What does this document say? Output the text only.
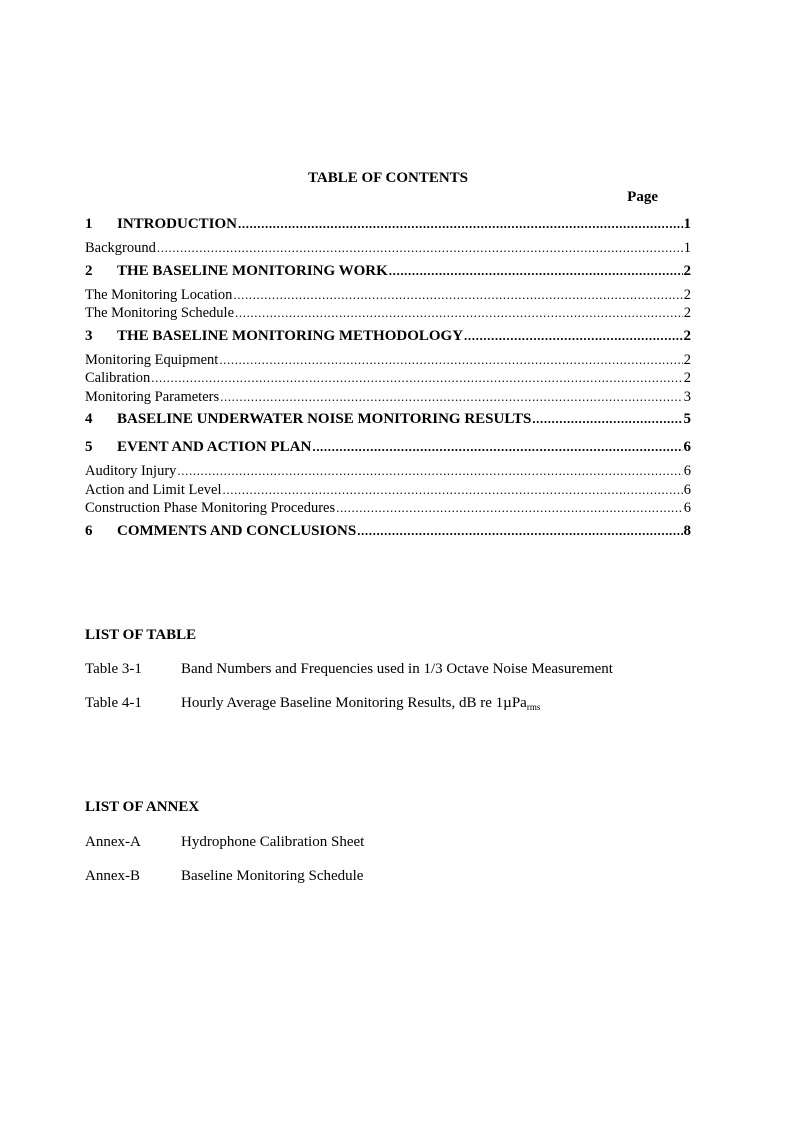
TABLE OF CONTENTS
Page
1	INTRODUCTION .....	1
Background .....	1
2	THE BASELINE MONITORING WORK .....	2
The Monitoring Location .....	2
The Monitoring Schedule .....	2
3	THE BASELINE MONITORING METHODOLOGY .....	2
Monitoring Equipment .....	2
Calibration .....	2
Monitoring Parameters .....	3
4	BASELINE UNDERWATER NOISE MONITORING RESULTS .....	5
5	EVENT AND ACTION PLAN .....	6
Auditory Injury .....	6
Action and Limit Level .....	6
Construction Phase Monitoring Procedures .....	6
6	COMMENTS AND CONCLUSIONS .....	8
LIST OF TABLE
Table 3-1	Band Numbers and Frequencies used in 1/3 Octave Noise Measurement
Table 4-1	Hourly Average Baseline Monitoring Results, dB re 1µPa$_{rms}$
LIST OF ANNEX
Annex-A	Hydrophone Calibration Sheet
Annex-B	Baseline Monitoring Schedule
